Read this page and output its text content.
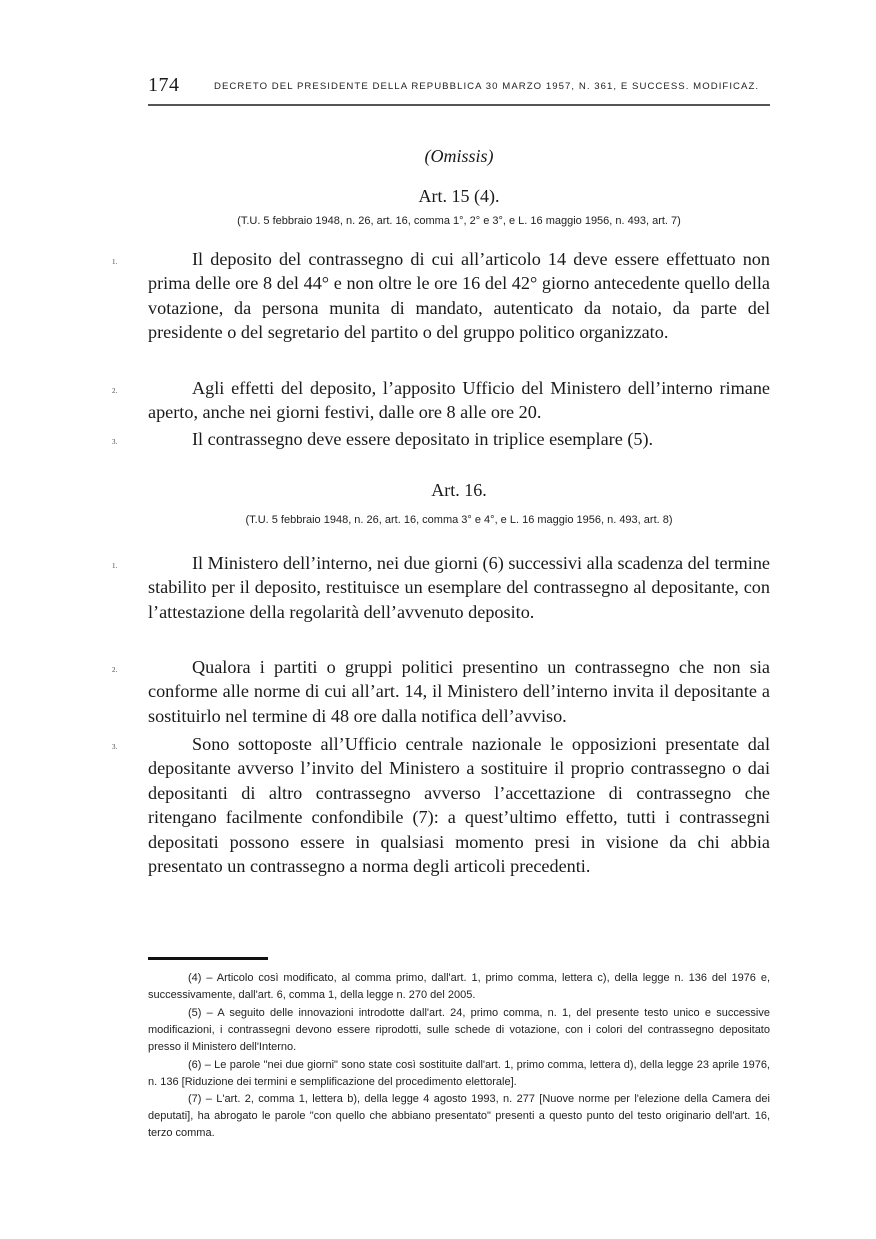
174	DECRETO DEL PRESIDENTE DELLA REPUBBLICA 30 MARZO 1957, N. 361, E SUCCESS. MODIFICAZ.
(Omissis)
Art. 15 (4).
(T.U. 5 febbraio 1948, n. 26, art. 16, comma 1°, 2° e 3°, e L. 16 maggio 1956, n. 493, art. 7)
1.	Il deposito del contrassegno di cui all’articolo 14 deve essere effettuato non prima delle ore 8 del 44° e non oltre le ore 16 del 42° giorno antecedente quello della votazione, da persona munita di mandato, autenticato da notaio, da parte del presidente o del segretario del partito o del gruppo politico organizzato.
2.	Agli effetti del deposito, l’apposito Ufficio del Ministero dell’interno rimane aperto, anche nei giorni festivi, dalle ore 8 alle ore 20.
3.	Il contrassegno deve essere depositato in triplice esemplare (5).
Art. 16.
(T.U. 5 febbraio 1948, n. 26, art. 16, comma 3° e 4°, e L. 16 maggio 1956, n. 493, art. 8)
1.	Il Ministero dell’interno, nei due giorni (6) successivi alla scadenza del termine stabilito per il deposito, restituisce un esemplare del contrassegno al depositante, con l’attestazione della regolarità dell’avvenuto deposito.
2.	Qualora i partiti o gruppi politici presentino un contrassegno che non sia conforme alle norme di cui all’art. 14, il Ministero dell’interno invita il depositante a sostituirlo nel termine di 48 ore dalla notifica dell’avviso.
3.	Sono sottoposte all’Ufficio centrale nazionale le opposizioni presentate dal depositante avverso l’invito del Ministero a sostituire il proprio contrassegno o dai depositanti di altro contrassegno avverso l’accettazione di contrassegno che ritengano facilmente confondibile (7): a quest’ultimo effetto, tutti i contrassegni depositati possono essere in qualsiasi momento presi in visione da chi abbia presentato un contrassegno a norma degli articoli precedenti.
(4) – Articolo così modificato, al comma primo, dall'art. 1, primo comma, lettera c), della legge n. 136 del 1976 e, successivamente, dall'art. 6, comma 1, della legge n. 270 del 2005.
(5) – A seguito delle innovazioni introdotte dall'art. 24, primo comma, n. 1, del presente testo unico e successive modificazioni, i contrassegni devono essere riprodotti, sulle schede di votazione, con i colori del contrassegno depositato presso il Ministero dell'Interno.
(6) – Le parole "nei due giorni" sono state così sostituite dall'art. 1, primo comma, lettera d), della legge 23 aprile 1976, n. 136 [Riduzione dei termini e semplificazione del procedimento elettorale].
(7) – L'art. 2, comma 1, lettera b), della legge 4 agosto 1993, n. 277 [Nuove norme per l'elezione della Camera dei deputati], ha abrogato le parole "con quello che abbiano presentato" presenti a questo punto del testo originario dell'art. 16, terzo comma.
